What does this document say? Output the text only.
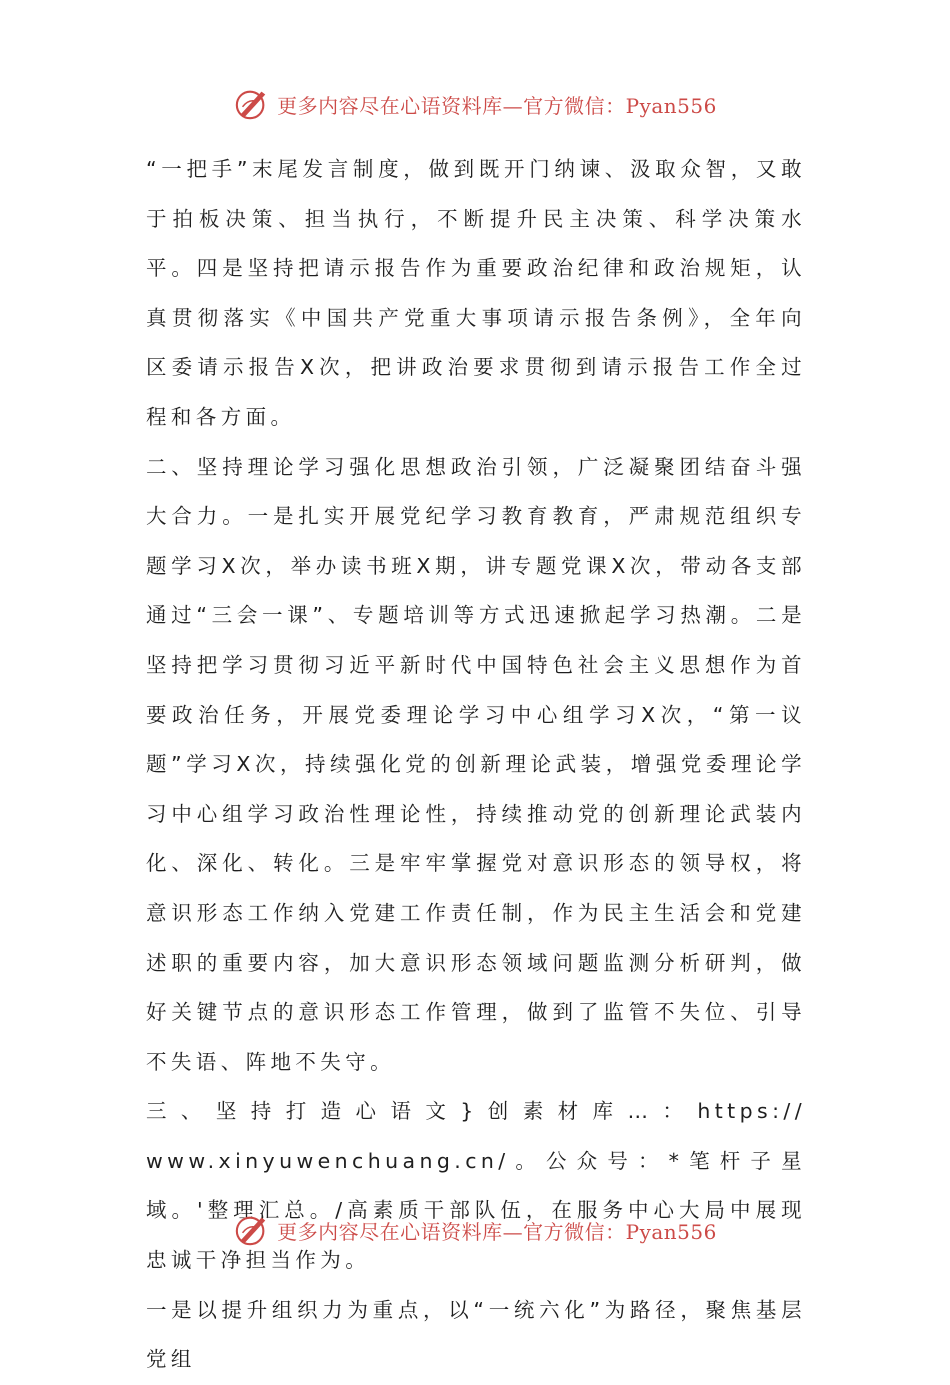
更多内容尽在心语资料库—官方微信：Pyan556

“一把手”末尾发言制度，做到既开门纳谏、汲取众智，又敢于拍板决策、担当执行，不断提升民主决策、科学决策水平。四是坚持把请示报告作为重要政治纪律和政治规矩，认真贯彻落实《中国共产党重大事项请示报告条例》，全年向区委请示报告X次，把讲政治要求贯彻到请示报告工作全过程和各方面。

二、坚持理论学习强化思想政治引领，广泛凝聚团结奋斗强大合力。一是扎实开展党纪学习教育教育，严肃规范组织专题学习X次，举办读书班X期，讲专题党课X次，带动各支部通过“三会一课”、专题培训等方式迅速掀起学习热潮。二是坚持把学习贯彻习近平新时代中国特色社会主义思想作为首要政治任务，开展党委理论学习中心组学习X次，“第一议题”学习X次，持续强化党的创新理论武装，增强党委理论学习中心组学习政治性理论性，持续推动党的创新理论武装内化、深化、转化。三是牢牢掌握党对意识形态的领导权，将意识形态工作纳入党建工作责任制，作为民主生活会和党建述职的重要内容，加大意识形态领域问题监测分析研判，做好关键节点的意识形态工作管理，做到了监管不失位、引导不失语、阵地不失守。

三、坚持打造心语文}创素材库…：https://

www.xinyuwenchuang.cn/。公众号：*笔杆子星域。'整理汇总。/高素质干部队伍，在服务中心大局中展现忠诚干净担当作为。

一是以提升组织力为重点，以“一统六化”为路径，聚焦基层党组

更多内容尽在心语资料库—官方微信：Pyan556
